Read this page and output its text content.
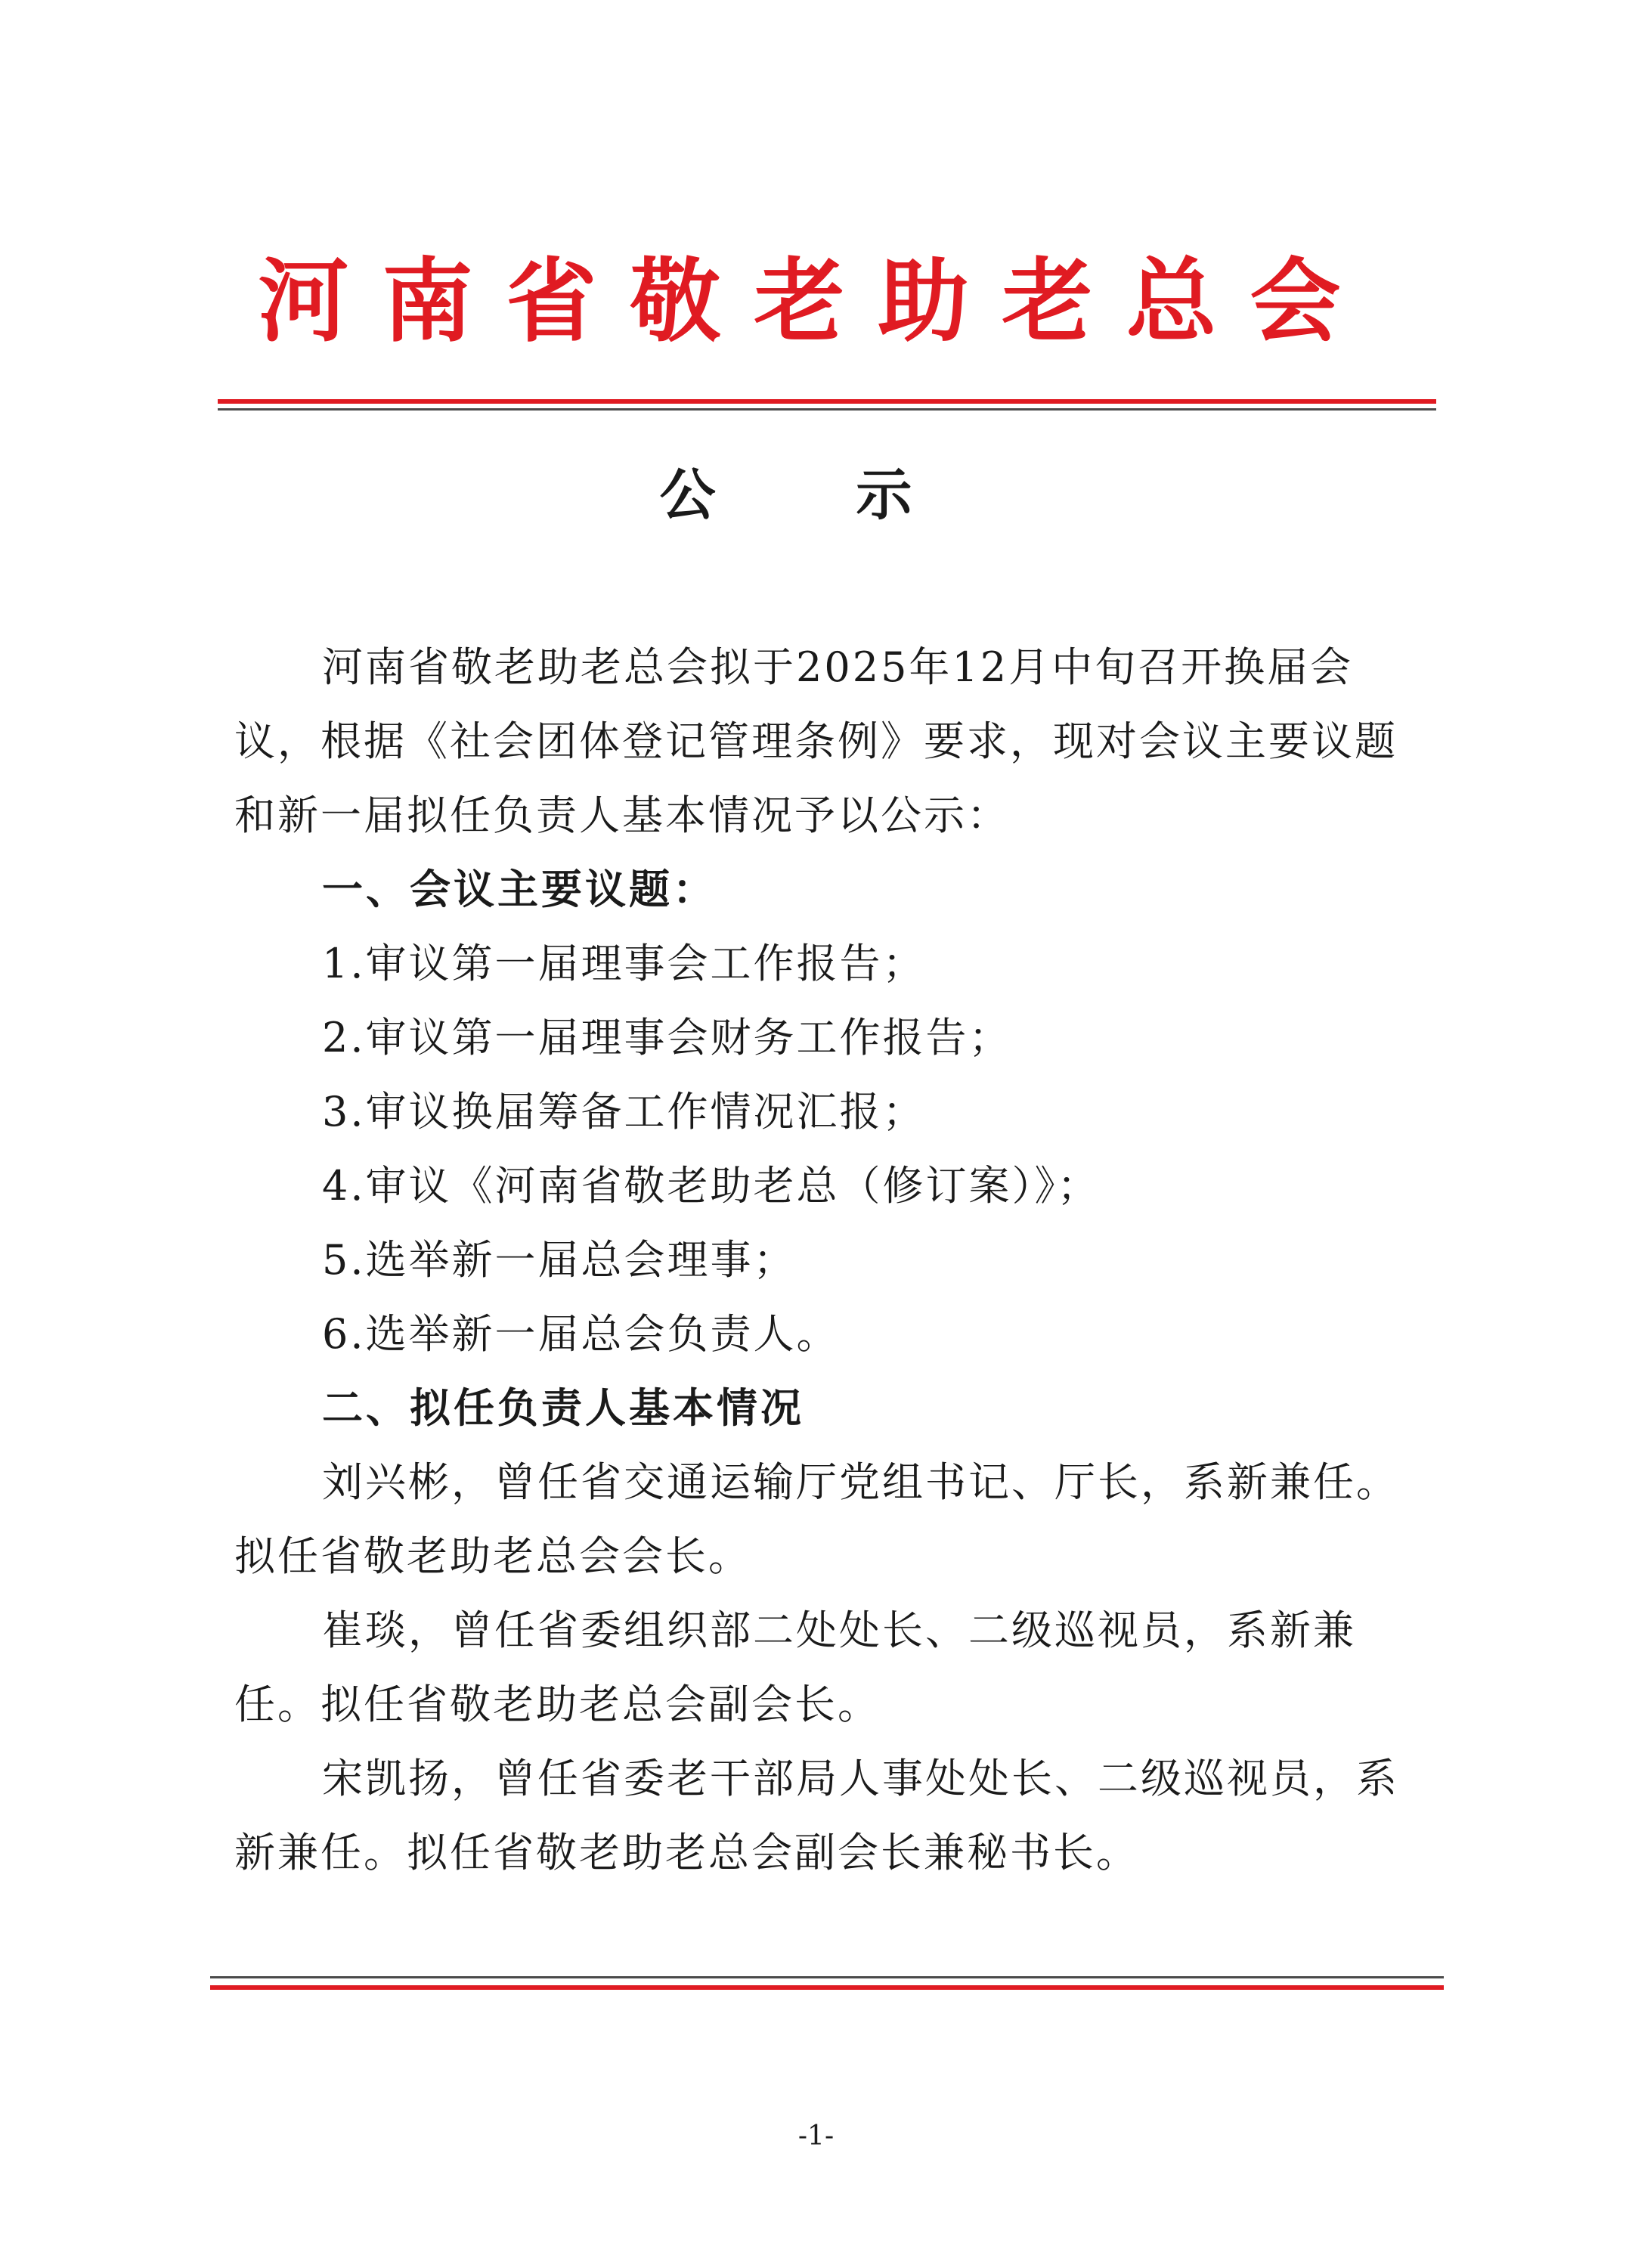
河南省敬老助老总会
公 示

河南省敬老助老总会拟于2025年12月中旬召开换届会议，根据《社会团体登记管理条例》要求，现对会议主要议题和新一届拟任负责人基本情况予以公示：

一、会议主要议题：

1.审议第一届理事会工作报告；

2.审议第一届理事会财务工作报告；

3.审议换届筹备工作情况汇报；

4.审议《河南省敬老助老总（修订案）》；

5.选举新一届总会理事；

6.选举新一届总会负责人。

二、拟任负责人基本情况

刘兴彬，曾任省交通运输厅党组书记、厅长，系新兼任。拟任省敬老助老总会会长。

崔琰，曾任省委组织部二处处长、二级巡视员，系新兼任。拟任省敬老助老总会副会长。

宋凯扬，曾任省委老干部局人事处处长、二级巡视员，系新兼任。拟任省敬老助老总会副会长兼秘书长。

-1-
